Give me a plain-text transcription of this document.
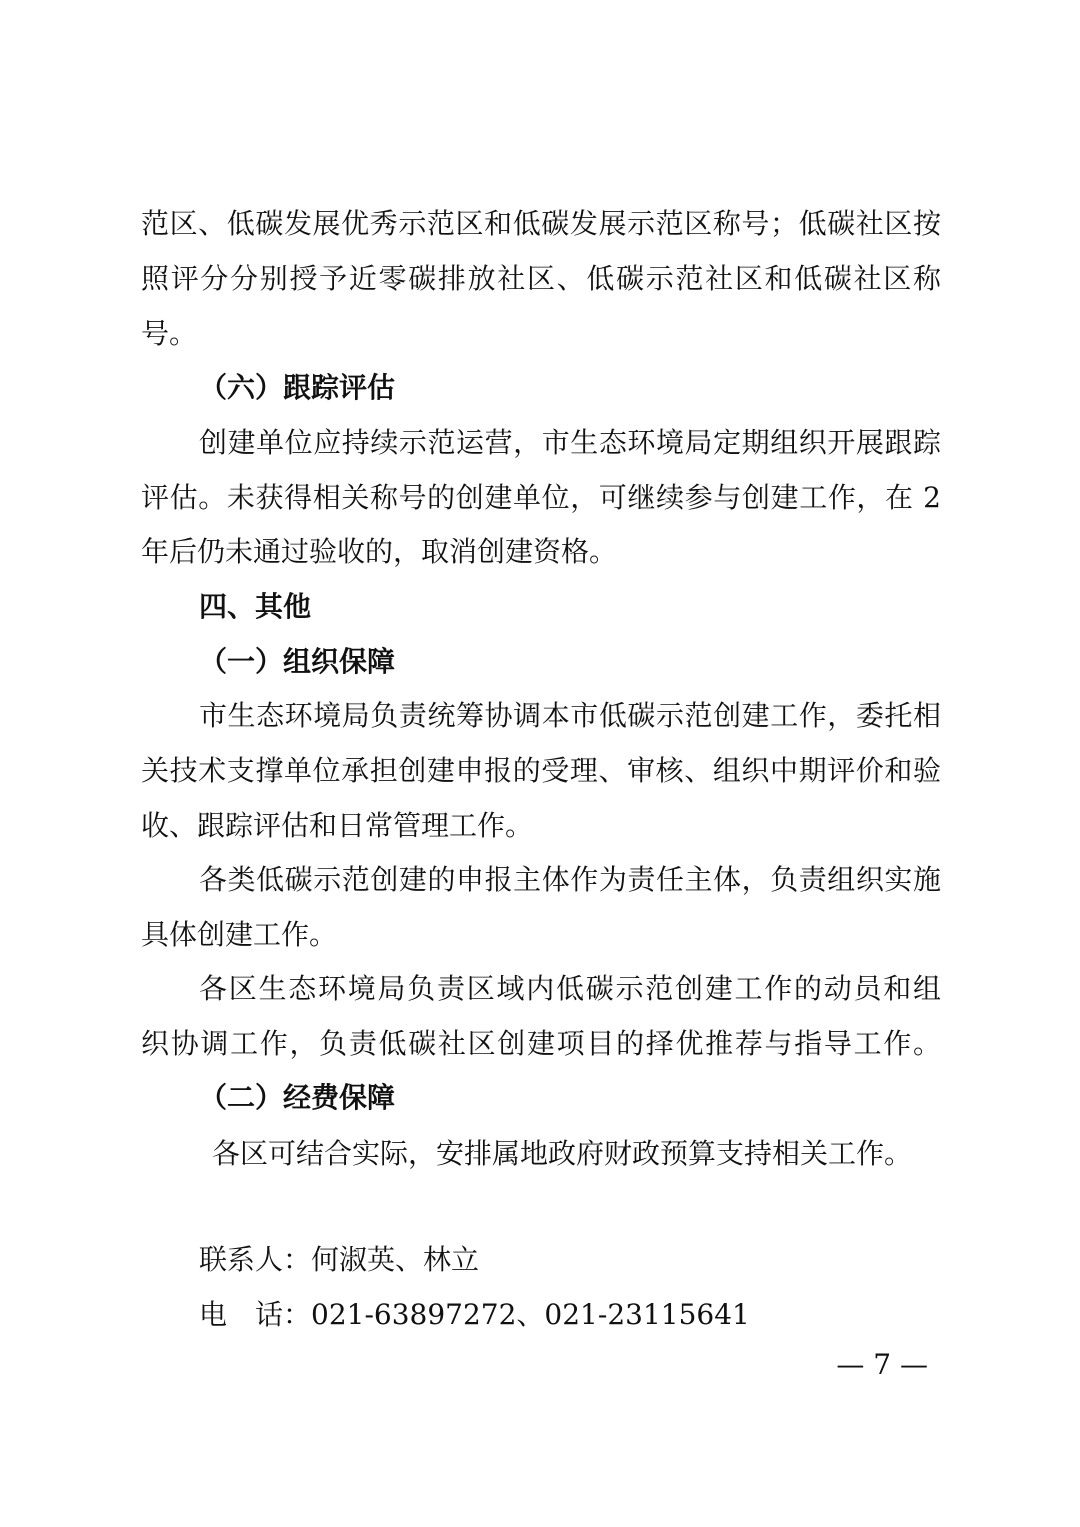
范区、低碳发展优秀示范区和低碳发展示范区称号；低碳社区按

照评分分别授予近零碳排放社区、低碳示范社区和低碳社区称

号。

（六）跟踪评估

创建单位应持续示范运营，市生态环境局定期组织开展跟踪

评估。未获得相关称号的创建单位，可继续参与创建工作，在 2

年后仍未通过验收的，取消创建资格。

四、其他

（一）组织保障

市生态环境局负责统筹协调本市低碳示范创建工作，委托相

关技术支撑单位承担创建申报的受理、审核、组织中期评价和验

收、跟踪评估和日常管理工作。

各类低碳示范创建的申报主体作为责任主体，负责组织实施

具体创建工作。

各区生态环境局负责区域内低碳示范创建工作的动员和组

织协调工作，负责低碳社区创建项目的择优推荐与指导工作。

（二）经费保障

各区可结合实际，安排属地政府财政预算支持相关工作。

联系人：何淑英、林立

电　话：021-63897272、021-23115641

— 7 —
